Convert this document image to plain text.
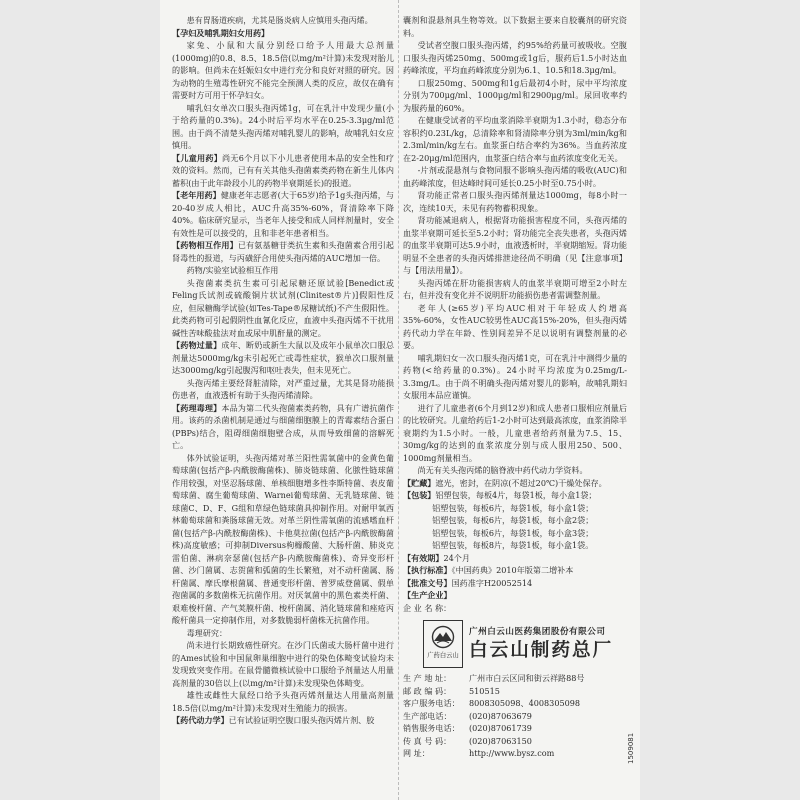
患有胃肠道疾病，尤其是肠炎病人应慎用头孢丙烯。

【孕妇及哺乳期妇女用药】

家兔、小鼠和大鼠分别经口给予人用最大总剂量(1000mg)的0.8、8.5、18.5倍(以mg/m²计算)未发现对胎儿的影响。但尚未在妊娠妇女中进行充分和良好对照的研究。因为动物的生殖毒性研究不能完全预测人类的反应，故仅在确有需要时方可用于怀孕妇女。

哺乳妇女单次口服头孢丙烯1g，可在乳汁中发现少量(小于给药量的0.3%)。24小时后平均水平在0.25-3.3μg/ml范围。由于尚不清楚头孢丙烯对哺乳婴儿的影响，故哺乳妇女应慎用。

【儿童用药】尚无6个月以下小儿患者使用本品的安全性和疗效的资料。然而，已有有关其他头孢菌素类药物在新生儿体内蓄积(由于此年龄段小儿的药物半衰期延长)的报道。

【老年用药】健康老年志愿者(大于65岁)给予1g头孢丙烯，与20-40岁成人相比，AUC升高35%-60%，肾清除率下降40%。临床研究显示，当老年人接受和成人同样剂量时，安全有效性是可以接受的，且和非老年患者相当。

【药物相互作用】已有氨基糖苷类抗生素和头孢菌素合用引起肾毒性的报道，与丙磺舒合用使头孢丙烯的AUC增加一倍。

药物/实验室试验相互作用

头孢菌素类抗生素可引起尿糖还原试验[Benedict或Feling氏试剂或硫酸铜片状试剂(Clinitest®片)]假阳性反应，但尿糖酶学试验(如Tes-Tape®尿糖试纸)不产生假阳性。此类药物可引起假阴性血氰化反应，血液中头孢丙烯不干扰用碱性苦味酸盐法对血或尿中肌酐量的测定。

【药物过量】成年、断奶或新生大鼠以及成年小鼠单次口服总剂量达5000mg/kg未引起死亡或毒性症状，猴单次口服剂量达3000mg/kg引起腹泻和呕吐表失，但未见死亡。

头孢丙烯主要经肾脏清除，对严重过量，尤其是肾功能损伤患者，血液透析有助于头孢丙烯清除。

【药理毒理】本品为第二代头孢菌素类药物，具有广谱抗菌作用。该药的杀菌机制是通过与细菌细胞膜上的青霉素结合蛋白(PBPs)结合，阻碍细菌细胞壁合成，从而导致细菌的溶解死亡。

体外试验证明，头孢丙烯对革兰阳性需氧菌中的金黄色葡萄球菌(包括产β-内酰胺酶菌株)、肺炎链球菌、化脓性链球菌作用较强，对坚忍肠球菌、单核细胞增多性李斯特菌、表皮葡萄球菌、腐生葡萄球菌、Warnei葡萄球菌、无乳链球菌、链球菌C、D、F、G组和草绿色链球菌具抑制作用。对耐甲氧西林葡萄球菌和粪肠球菌无效。对革兰阴性需氧菌的流感嗜血杆菌(包括产β-内酰胺酶菌株)、卡他莫拉菌(包括产β-内酰胺酶菌株)高度敏感；可抑制Diversus枸橼酸菌、大肠杆菌、肺炎克雷伯菌、淋病奈瑟菌(包括产β-内酰胺酶菌株)、奇异变形杆菌、沙门菌属、志贺菌和弧菌的生长繁殖，对不动杆菌属、肠杆菌属、摩氏摩根菌属、普通变形杆菌、普罗威登菌属、假单孢菌属的多数菌株无抗菌作用。对厌氧菌中的黑色素类杆菌、艰难梭杆菌、产气荚膜杆菌、梭杆菌属、消化链球菌和痤疮丙酸杆菌具一定抑制作用，对多数脆弱杆菌株无抗菌作用。

毒理研究：

尚未进行长期致癌性研究。在沙门氏菌或大肠杆菌中进行的Ames试验和中国鼠卵巢细胞中进行的染色体畸变试验均未发现致突变作用。在鼠骨髓微核试验中口服给予剂量达人用量高剂量的30倍以上(以mg/m²计算)未发现染色体畸变。

雄性或雌性大鼠经口给予头孢丙烯剂量达人用量高剂量18.5倍(以mg/m²计算)未发现对生殖能力的损害。

【药代动力学】已有试验证明空腹口服头孢丙烯片剂、胶

囊剂和混悬剂具生物等效。以下数据主要来自胶囊剂的研究资料。

受试者空腹口服头孢丙烯，约95%给药量可被吸收。空腹口服头孢丙烯250mg、500mg或1g后，服药后1.5小时达血药峰浓度，平均血药峰浓度分别为6.1、10.5和18.3μg/ml。

口服250mg、500mg和1g后最初4小时，尿中平均浓度分别为700μg/ml、1000μg/ml和2900μg/ml。尿回收率约为服药量的60%。

在健康受试者的平均血浆消除半衰期为1.3小时，稳态分布容积约0.23L/kg，总清除率和肾清除率分别为3ml/min/kg和2.3ml/min/kg左右。血浆蛋白结合率约为36%。当血药浓度在2-20μg/ml范围内，血浆蛋白结合率与血药浓度变化无关。

-片剂或混悬剂与食物同服不影响头孢丙烯的吸收(AUC)和血药峰浓度，但达峰时间可延长0.25小时至0.75小时。

肾功能正常者口服头孢丙烯剂量达1000mg，每8小时一次，连续10天，未见有药物蓄积现象。

肾功能减退病人，根据肾功能损害程度不同，头孢丙烯的血浆半衰期可延长至5.2小时；肾功能完全丧失患者，头孢丙烯的血浆半衰期可达5.9小时，血液透析时，半衰期缩短。肾功能明显不全患者的头孢丙烯排泄途径尚不明确（见【注意事项】与【用法用量】）。

头孢丙烯在肝功能损害病人的血浆半衰期可增至2小时左右，但并没有变化并不说明肝功能损伤患者需调整剂量。

老年人(≥65岁)平均AUC相对于年轻成人约增高35%-60%，女性AUC较男性AUC高15%-20%，但头孢丙烯药代动力学在年龄、性别间差异不足以说明有调整剂量的必要。

哺乳期妇女一次口服头孢丙烯1克，可在乳汁中测得少量的药物(<给药量的0.3%)。24小时平均浓度为0.25mg/L-3.3mg/L。由于尚不明确头孢丙烯对婴儿的影响，故哺乳期妇女服用本品应谨慎。

进行了儿童患者(6个月到12岁)和成人患者口服相应剂量后的比较研究。儿童给药后1-2小时可达到最高浓度，血浆消除半衰期约为1.5小时。一般，儿童患者给药剂量为7.5、15、30mg/kg的达到的血浆浓度分别与成人服用250、500、1000mg剂量相当。

尚无有关头孢丙烯的脑脊液中药代动力学资料。

【贮藏】遮光，密封，在阴凉(不超过20℃)干燥处保存。

【包装】铝塑包装，每板4片，每袋1板，每小盒1袋；

铝塑包装，每板6片，每袋1板，每小盒1袋；

铝塑包装，每板6片，每袋1板，每小盒2袋；

铝塑包装，每板6片，每袋1板，每小盒3袋；

铝塑包装，每板8片，每袋1板，每小盒1袋。

【有效期】24个月

【执行标准】《中国药典》2010年版第二增补本

【批准文号】国药准字H20052514

【生产企业】

企 业 名 称：

广药白云山
广州白云山医药集团股份有限公司
白云山制药总厂

生 产 地 址： 广州市白云区同和街云祥路88号

邮 政 编 码： 510515

客户服务电话： 8008305098、4008305098

生产部电话： (020)87063679

销售服务电话： (020)87061739

传 真 号 码： (020)87063150

网 址：	http://www.bysz.com	1509081
